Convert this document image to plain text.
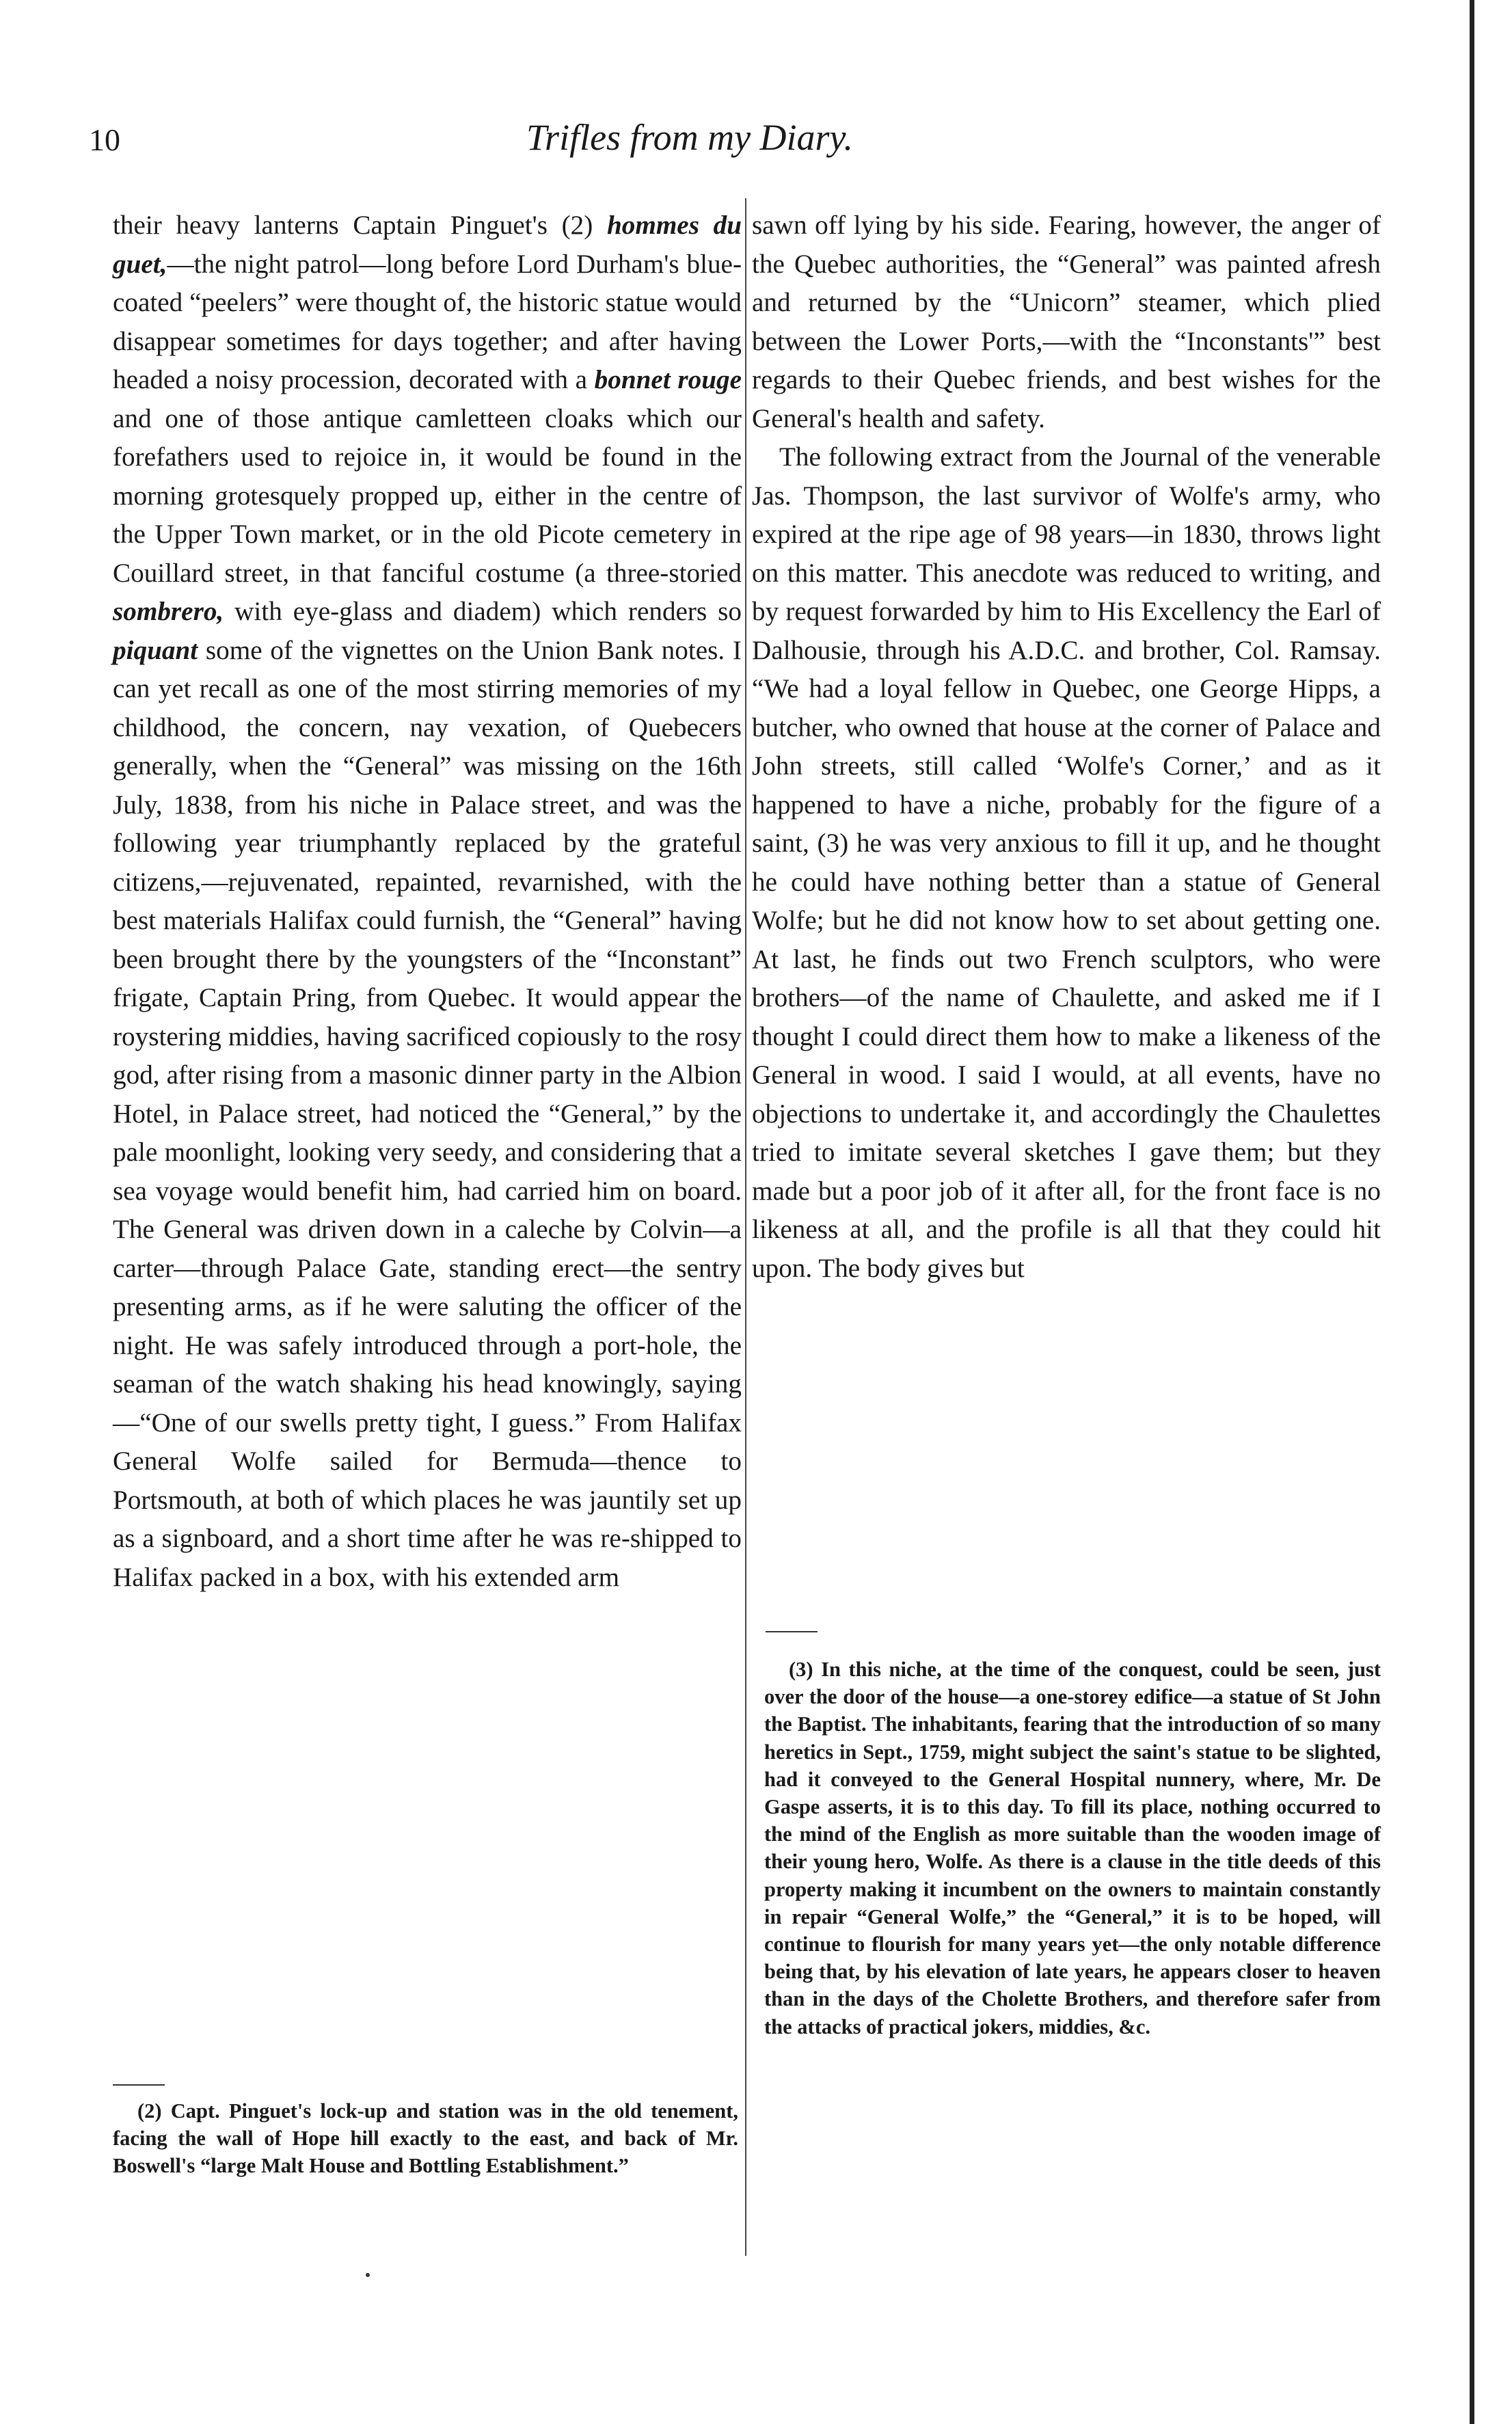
10	Trifles from my Diary.

their heavy lanterns Captain Pinguet's (2) hommes du guet,—the night patrol—long before Lord Durham's blue-coated “peelers” were thought of, the historic statue would disappear sometimes for days together; and after having headed a noisy procession, decorated with a bonnet rouge and one of those antique camletteen cloaks which our forefathers used to rejoice in, it would be found in the morning grotesquely propped up, either in the centre of the Upper Town market, or in the old Picote cemetery in Couillard street, in that fanciful costume (a three-storied sombrero, with eye-glass and diadem) which renders so piquant some of the vignettes on the Union Bank notes. I can yet recall as one of the most stirring memories of my childhood, the concern, nay vexation, of Quebecers generally, when the “General” was missing on the 16th July, 1838, from his niche in Palace street, and was the following year triumphantly replaced by the grateful citizens,—rejuvenated, repainted, revarnished, with the best materials Halifax could furnish, the “General” having been brought there by the youngsters of the “Inconstant” frigate, Captain Pring, from Quebec. It would appear the roystering middies, having sacrificed copiously to the rosy god, after rising from a masonic dinner party in the Albion Hotel, in Palace street, had noticed the “General,” by the pale moonlight, looking very seedy, and considering that a sea voyage would benefit him, had carried him on board. The General was driven down in a caleche by Colvin—a carter—through Palace Gate, standing erect—the sentry presenting arms, as if he were saluting the officer of the night. He was safely introduced through a port-hole, the seaman of the watch shaking his head knowingly, saying—“One of our swells pretty tight, I guess.” From Halifax General Wolfe sailed for Bermuda—thence to Portsmouth, at both of which places he was jauntily set up as a signboard, and a short time after he was re-shipped to Halifax packed in a box, with his extended arm

sawn off lying by his side. Fearing, however, the anger of the Quebec authorities, the “General” was painted afresh and returned by the “Unicorn” steamer, which plied between the Lower Ports,—with the “Inconstants'” best regards to their Quebec friends, and best wishes for the General's health and safety.

The following extract from the Journal of the venerable Jas. Thompson, the last survivor of Wolfe's army, who expired at the ripe age of 98 years—in 1830, throws light on this matter. This anecdote was reduced to writing, and by request forwarded by him to His Excellency the Earl of Dalhousie, through his A.D.C. and brother, Col. Ramsay. “We had a loyal fellow in Quebec, one George Hipps, a butcher, who owned that house at the corner of Palace and John streets, still called ‘Wolfe's Corner,’ and as it happened to have a niche, probably for the figure of a saint, (3) he was very anxious to fill it up, and he thought he could have nothing better than a statue of General Wolfe; but he did not know how to set about getting one. At last, he finds out two French sculptors, who were brothers—of the name of Chaulette, and asked me if I thought I could direct them how to make a likeness of the General in wood. I said I would, at all events, have no objections to undertake it, and accordingly the Chaulettes tried to imitate several sketches I gave them; but they made but a poor job of it after all, for the front face is no likeness at all, and the profile is all that they could hit upon. The body gives but

(2) Capt. Pinguet's lock-up and station was in the old tenement, facing the wall of Hope hill exactly to the east, and back of Mr. Boswell's “large Malt House and Bottling Establishment.”

(3) In this niche, at the time of the conquest, could be seen, just over the door of the house—a one-storey edifice—a statue of St John the Baptist. The inhabitants, fearing that the introduction of so many heretics in Sept., 1759, might subject the saint's statue to be slighted, had it conveyed to the General Hospital nunnery, where, Mr. De Gaspe asserts, it is to this day. To fill its place, nothing occurred to the mind of the English as more suitable than the wooden image of their young hero, Wolfe. As there is a clause in the title deeds of this property making it incumbent on the owners to maintain constantly in repair “General Wolfe,” the “General,” it is to be hoped, will continue to flourish for many years yet—the only notable difference being that, by his elevation of late years, he appears closer to heaven than in the days of the Cholette Brothers, and therefore safer from the attacks of practical jokers, middies, &c.
